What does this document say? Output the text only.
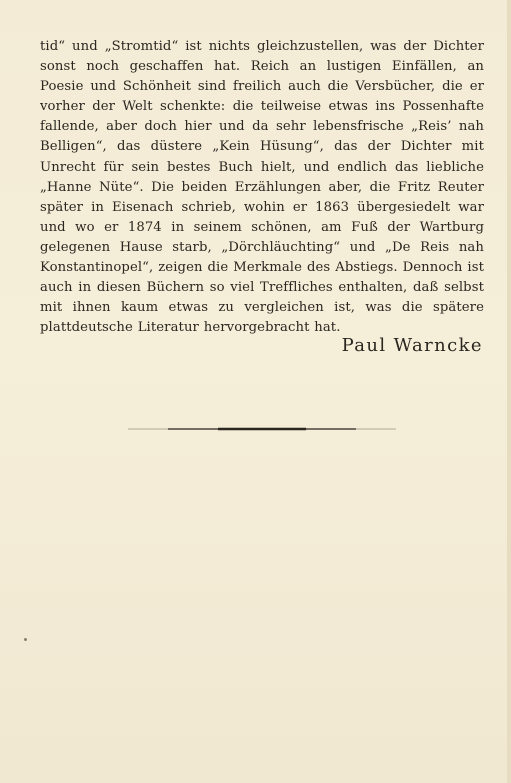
tid“ und „Stromtid“ ist nichts gleichzustellen, was der Dichter sonst noch geschaffen hat. Reich an lustigen Einfällen, an Poesie und Schönheit sind freilich auch die Versbücher, die er vorher der Welt schenkte: die teilweise etwas ins Possenhafte fallende, aber doch hier und da sehr lebensfrische „Reis’ nah Belligen“, das düstere „Kein Hüsung“, das der Dichter mit Unrecht für sein bestes Buch hielt, und endlich das liebliche „Hanne Nüte“. Die beiden Erzählungen aber, die Fritz Reuter später in Eisenach schrieb, wohin er 1863 übergesiedelt war und wo er 1874 in seinem schönen, am Fuß der Wartburg gelegenen Hause starb, „Dörchläuchting“ und „De Reis nah Konstantinopel“, zeigen die Merkmale des Abstiegs. Dennoch ist auch in diesen Büchern so viel Treffliches enthalten, daß selbst mit ihnen kaum etwas zu vergleichen ist, was die spätere plattdeutsche Literatur hervorgebracht hat.

Paul Warncke
